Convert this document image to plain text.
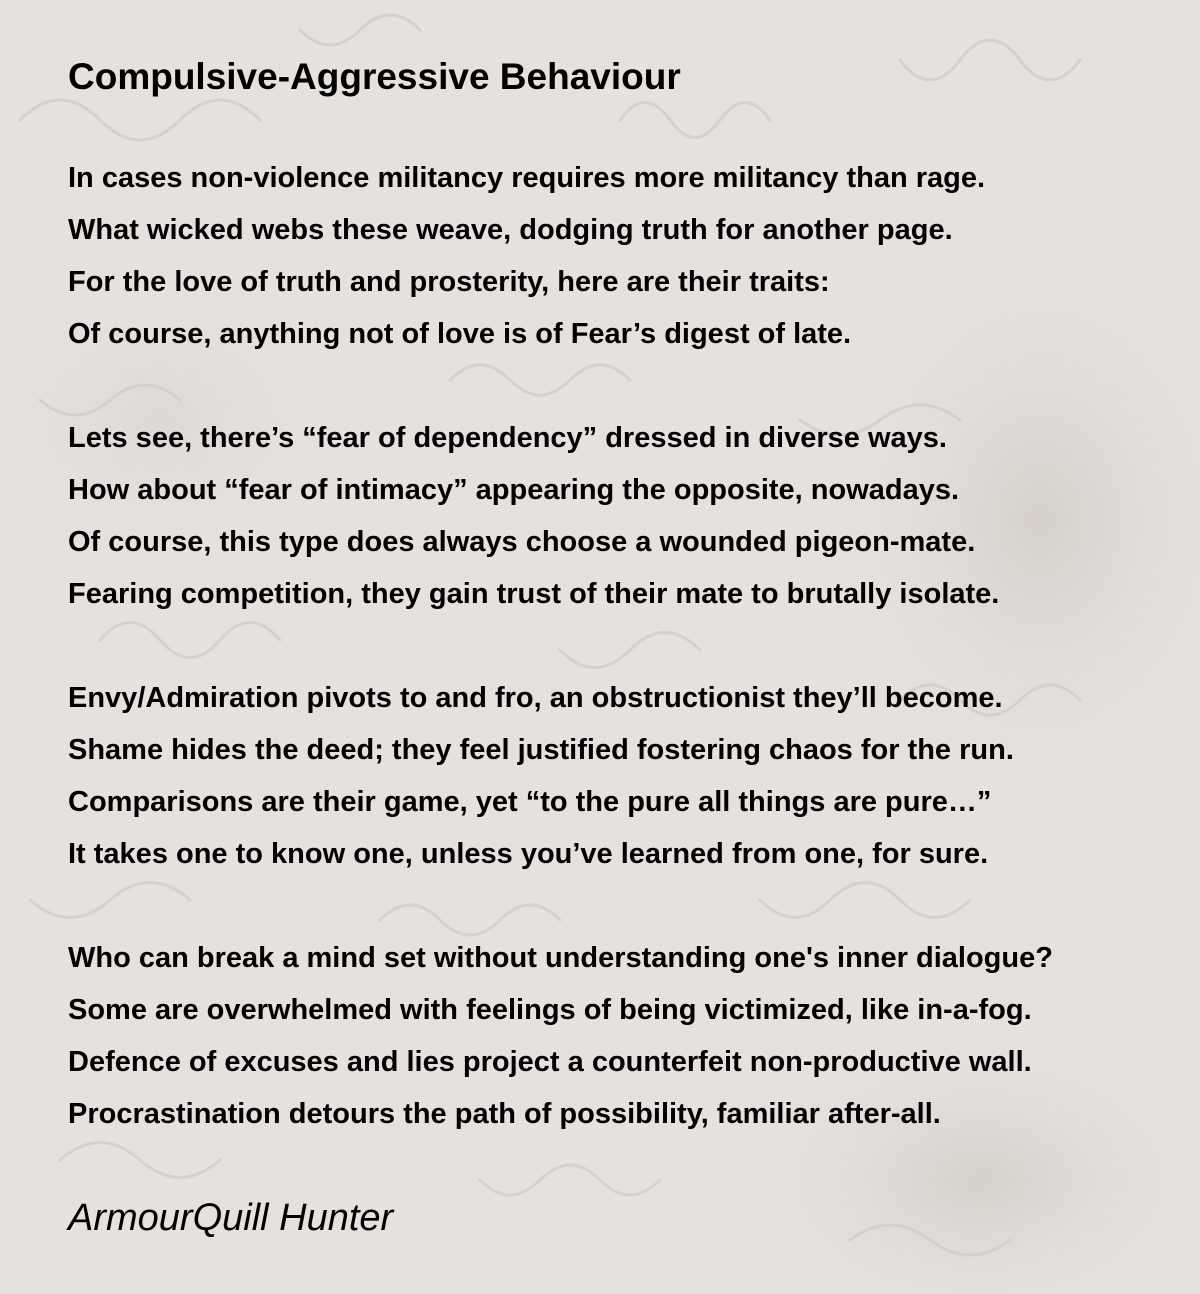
Compulsive-Aggressive Behaviour
In cases non-violence militancy requires more militancy than rage.
What wicked webs these weave, dodging truth for another page.
For the love of truth and prosterity, here are their traits:
Of course, anything not of love is of Fear’s digest of late.
Lets see, there’s “fear of dependency” dressed in diverse ways.
How about “fear of intimacy” appearing the opposite, nowadays.
Of course, this type does always choose a wounded pigeon-mate.
Fearing competition, they gain trust of their mate to brutally isolate.
Envy/Admiration pivots to and fro, an obstructionist they’ll become.
Shame hides the deed; they feel justified fostering chaos for the run.
Comparisons are their game, yet “to the pure all things are pure…”
It takes one to know one, unless you’ve learned from one, for sure.
Who can break a mind set without understanding one's inner dialogue?
Some are overwhelmed with feelings of being victimized, like in-a-fog.
Defence of excuses and lies project a counterfeit non-productive wall.
Procrastination detours the path of possibility, familiar after-all.
ArmourQuill Hunter
